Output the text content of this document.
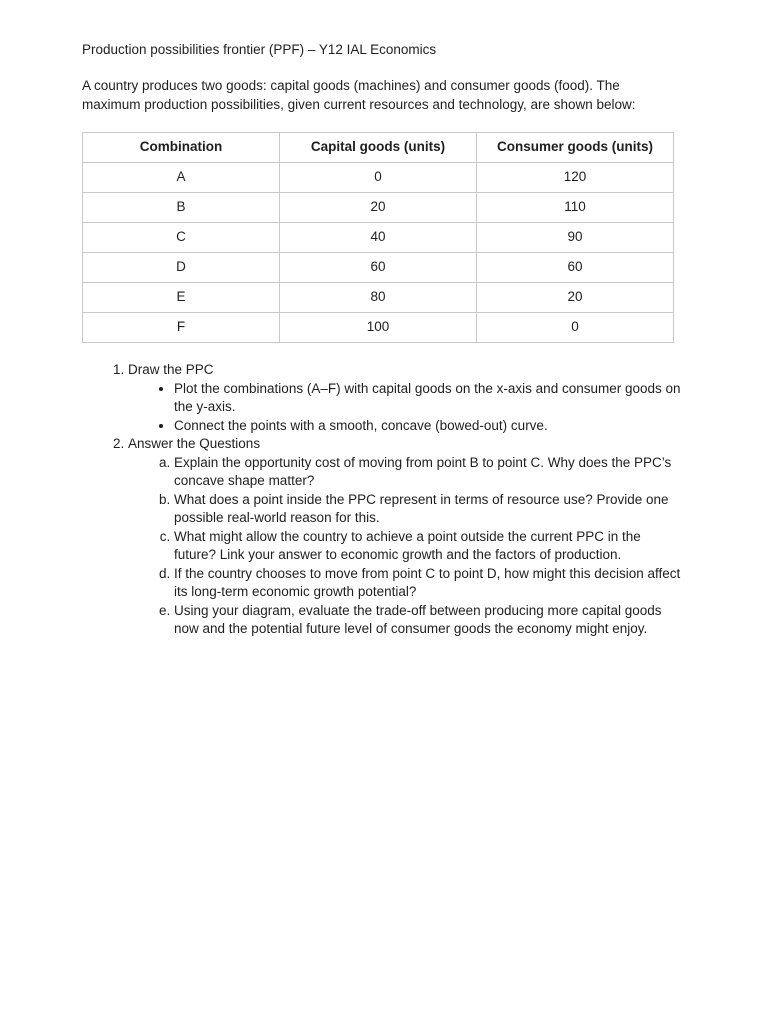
Production possibilities frontier (PPF) – Y12 IAL Economics

A country produces two goods: capital goods (machines) and consumer goods (food). The maximum production possibilities, given current resources and technology, are shown below:

Combination	Capital goods (units)	Consumer goods (units)
A	0	120
B	20	110
C	40	90
D	60	60
E	80	20
F	100	0
1. Draw the PPC
• Plot the combinations (A–F) with capital goods on the x-axis and consumer goods on the y-axis.
• Connect the points with a smooth, concave (bowed-out) curve.
2. Answer the Questions
a. Explain the opportunity cost of moving from point B to point C. Why does the PPC’s concave shape matter?
b. What does a point inside the PPC represent in terms of resource use? Provide one possible real-world reason for this.
c. What might allow the country to achieve a point outside the current PPC in the future? Link your answer to economic growth and the factors of production.
d. If the country chooses to move from point C to point D, how might this decision affect its long-term economic growth potential?
e. Using your diagram, evaluate the trade-off between producing more capital goods now and the potential future level of consumer goods the economy might enjoy.
